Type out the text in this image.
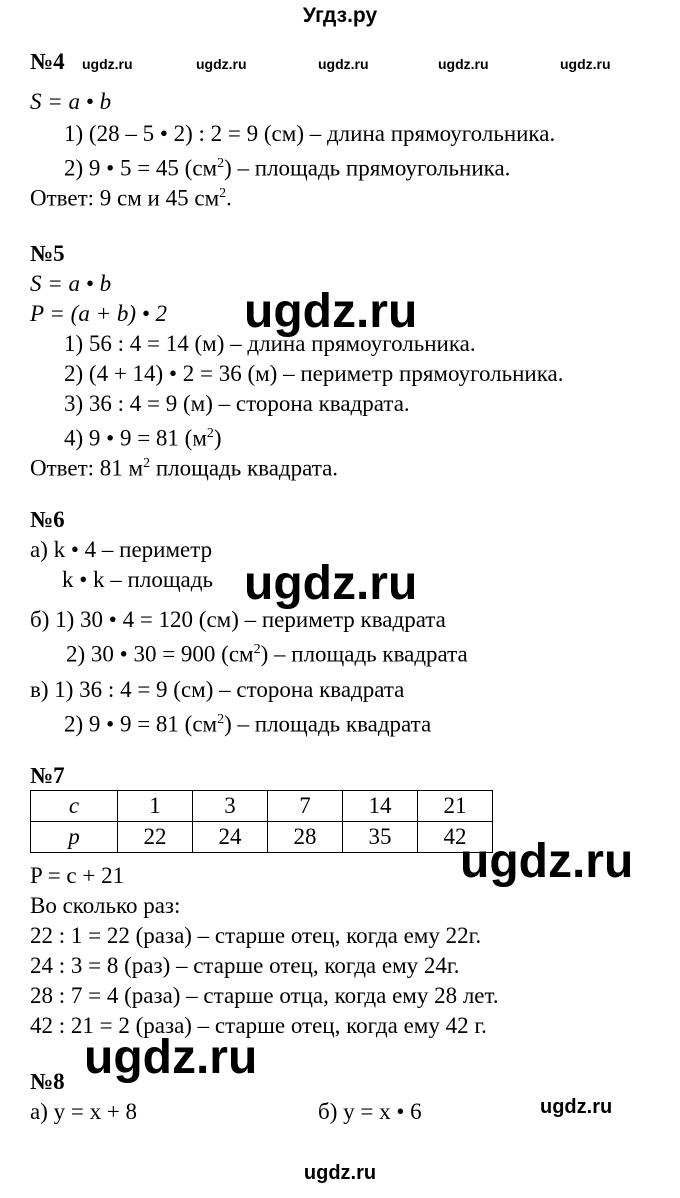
Угдз.ру
ugdz.ru
ugdz.ru	ugdz.ru	ugdz.ru	ugdz.ru	ugdz.ru
ugdz.ru
ugdz.ru
ugdz.ru
ugdz.ru
ugdz.ru
№4
S = a • b
1) (28 – 5 • 2) : 2 = 9 (см) – длина прямоугольника.
2) 9 • 5 = 45 $(см^2)$ – площадь прямоугольника.
Ответ: 9 см и 45 $см^2$.
№5
S = a • b
P = (a + b) • 2
1) 56 : 4 = 14 (м) – длина прямоугольника.
2) (4 + 14) • 2 = 36 (м) – периметр прямоугольника.
3) 36 : 4 = 9 (м) – сторона квадрата.
4) 9 • 9 = 81 $(м^2)$
Ответ: 81 $м^2$ площадь квадрата.
№6
а) k • 4 – периметр
k • k – площадь
б) 1) 30 • 4 = 120 (см) – периметр квадрата
2) 30 • 30 = 900 $(см^2)$ – площадь квадрата
в) 1) 36 : 4 = 9 (см) – сторона квадрата
2) 9 • 9 = 81 $(см^2)$ – площадь квадрата
№7
c	1	3	7	14	21
p	22	24	28	35	42
P = c + 21
Во сколько раз:
22 : 1 = 22 (раза) – старше отец, когда ему 22г.
24 : 3 = 8 (раз) – старше отец, когда ему 24г.
28 : 7 = 4 (раза) – старше отца, когда ему 28 лет.
42 : 21 = 2 (раза) – старше отец, когда ему 42 г.
№8
а) y = x + 8	б) y = x • 6
